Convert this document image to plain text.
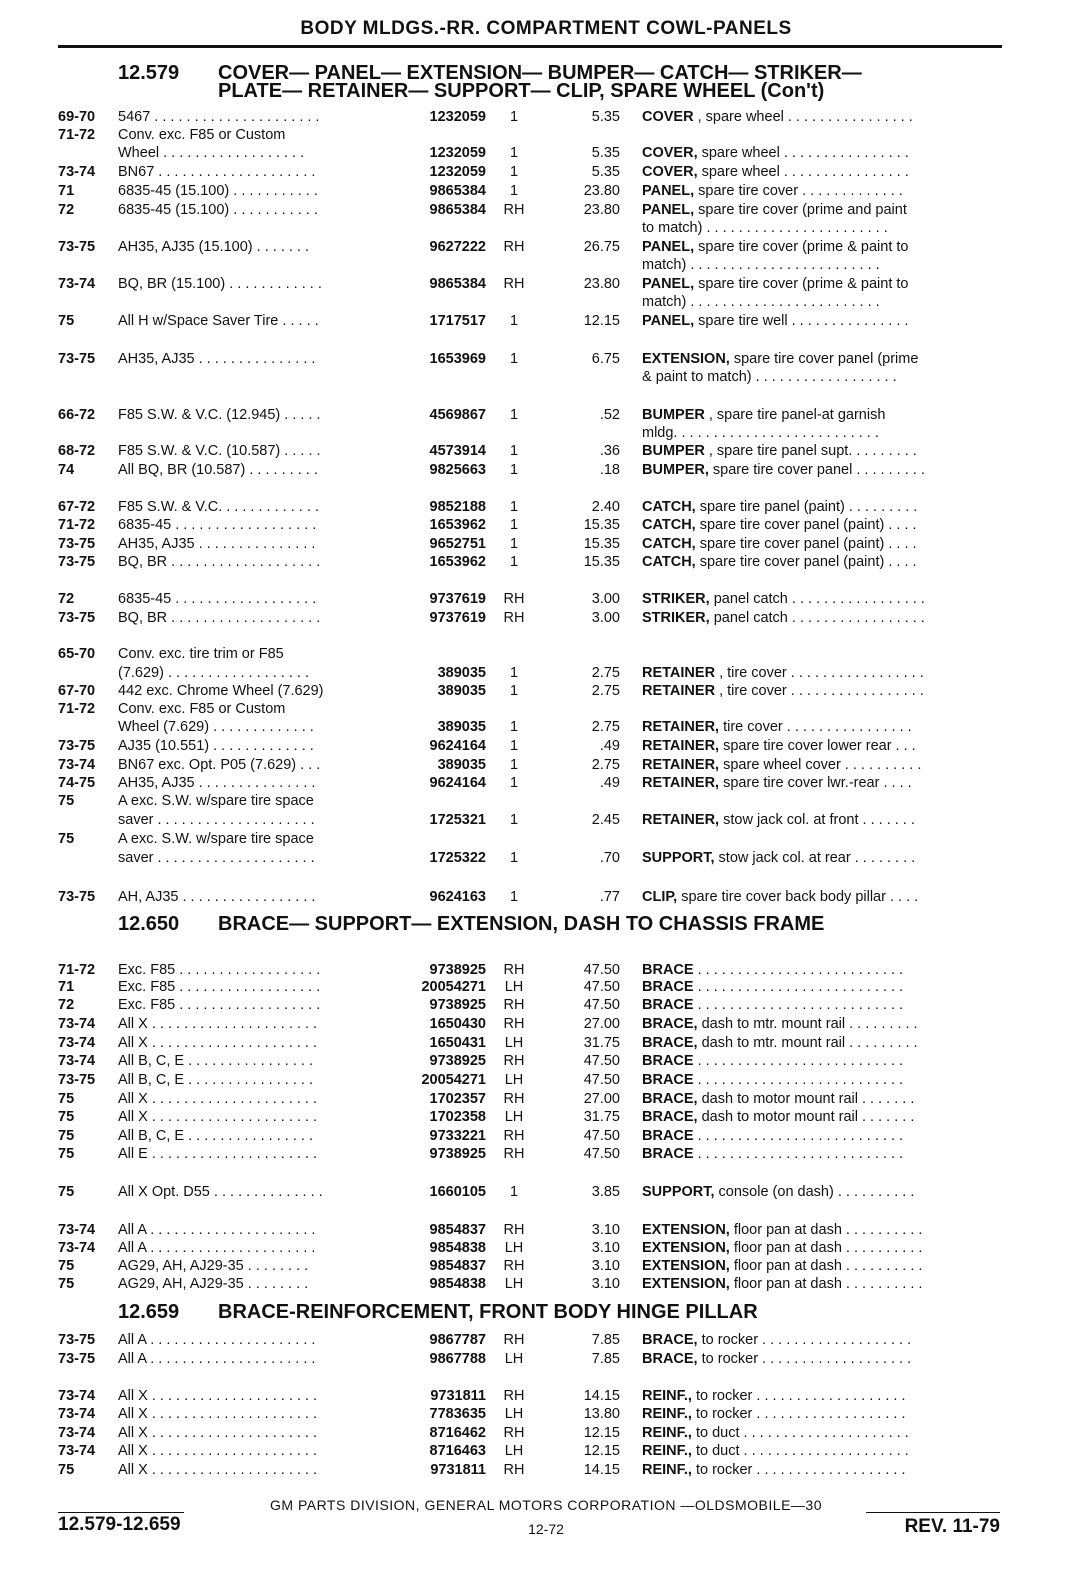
BODY MLDGS.-RR. COMPARTMENT COWL-PANELS
12.579 COVER— PANEL— EXTENSION— BUMPER— CATCH— STRIKER—
PLATE— RETAINER— SUPPORT— CLIP, SPARE WHEEL (Con't)
12.650 BRACE— SUPPORT— EXTENSION, DASH TO CHASSIS FRAME
12.659 BRACE-REINFORCEMENT, FRONT BODY HINGE PILLAR
69-70	5467 . . . . . . . . . . . . . . . . . . . . .	1232059	1	5.35 COVER , spare wheel . . . . . . . . . . . . . . . .
71-72	Conv. exc. F85 or Custom
Wheel . . . . . . . . . . . . . . . . . .	1232059	1	5.35 COVER, spare wheel . . . . . . . . . . . . . . . .
73-74	BN67 . . . . . . . . . . . . . . . . . . . .	1232059	1	5.35 COVER, spare wheel . . . . . . . . . . . . . . . .
71	6835-45 (15.100) . . . . . . . . . . .	9865384	1	23.80 PANEL, spare tire cover . . . . . . . . . . . . .
72	6835-45 (15.100) . . . . . . . . . . .	9865384	RH	23.80 PANEL, spare tire cover (prime and paint
to match) . . . . . . . . . . . . . . . . . . . . . . .
73-75	AH35, AJ35 (15.100) . . . . . . .	9627222	RH	26.75 PANEL, spare tire cover (prime & paint to
match) . . . . . . . . . . . . . . . . . . . . . . . .
73-74	BQ, BR (15.100) . . . . . . . . . . . .	9865384	RH	23.80 PANEL, spare tire cover (prime & paint to
match) . . . . . . . . . . . . . . . . . . . . . . . .
75	All H w/Space Saver Tire . . . . .	1717517	1	12.15 PANEL, spare tire well . . . . . . . . . . . . . . .
73-75	AH35, AJ35 . . . . . . . . . . . . . . .	1653969	1	6.75 EXTENSION, spare tire cover panel (prime
& paint to match) . . . . . . . . . . . . . . . . . .
66-72	F85 S.W. & V.C. (12.945) . . . . .	4569867	1	.52 BUMPER , spare tire panel-at garnish
mldg. . . . . . . . . . . . . . . . . . . . . . . . . .
68-72	F85 S.W. & V.C. (10.587) . . . . .	4573914	1	.36 BUMPER , spare tire panel supt. . . . . . . . .
74	All BQ, BR (10.587) . . . . . . . . .	9825663	1	.18 BUMPER, spare tire cover panel . . . . . . . . .
67-72	F85 S.W. & V.C. . . . . . . . . . . . .	9852188	1	2.40 CATCH, spare tire panel (paint) . . . . . . . . .
71-72	6835-45 . . . . . . . . . . . . . . . . . .	1653962	1	15.35 CATCH, spare tire cover panel (paint) . . . .
73-75	AH35, AJ35 . . . . . . . . . . . . . . .	9652751	1	15.35 CATCH, spare tire cover panel (paint) . . . .
73-75	BQ, BR . . . . . . . . . . . . . . . . . . .	1653962	1	15.35 CATCH, spare tire cover panel (paint) . . . .
72	6835-45 . . . . . . . . . . . . . . . . . .	9737619	RH	3.00 STRIKER, panel catch . . . . . . . . . . . . . . . . .
73-75	BQ, BR . . . . . . . . . . . . . . . . . . .	9737619	RH	3.00 STRIKER, panel catch . . . . . . . . . . . . . . . . .
65-70	Conv. exc. tire trim or F85
(7.629) . . . . . . . . . . . . . . . . . .	389035	1	2.75 RETAINER , tire cover . . . . . . . . . . . . . . . . .
67-70	442 exc. Chrome Wheel (7.629)	389035	1	2.75 RETAINER , tire cover . . . . . . . . . . . . . . . . .
71-72	Conv. exc. F85 or Custom
Wheel (7.629) . . . . . . . . . . . . .	389035	1	2.75 RETAINER, tire cover . . . . . . . . . . . . . . . .
73-75	AJ35 (10.551) . . . . . . . . . . . . .	9624164	1	.49 RETAINER, spare tire cover lower rear . . .
73-74	BN67 exc. Opt. P05 (7.629) . . .	389035	1	2.75 RETAINER, spare wheel cover . . . . . . . . . .
74-75	AH35, AJ35 . . . . . . . . . . . . . . .	9624164	1	.49 RETAINER, spare tire cover lwr.-rear . . . .
75	A exc. S.W. w/spare tire space
saver . . . . . . . . . . . . . . . . . . . .	1725321	1	2.45 RETAINER, stow jack col. at front . . . . . . .
75	A exc. S.W. w/spare tire space
saver . . . . . . . . . . . . . . . . . . . .	1725322	1	.70 SUPPORT, stow jack col. at rear . . . . . . . .
73-75	AH, AJ35 . . . . . . . . . . . . . . . . .	9624163	1	.77 CLIP, spare tire cover back body pillar . . . .
71-72	Exc. F85 . . . . . . . . . . . . . . . . . .	9738925	RH	47.50 BRACE . . . . . . . . . . . . . . . . . . . . . . . . . .
71	Exc. F85 . . . . . . . . . . . . . . . . . .	20054271	LH	47.50 BRACE . . . . . . . . . . . . . . . . . . . . . . . . . .
72	Exc. F85 . . . . . . . . . . . . . . . . . .	9738925	RH	47.50 BRACE . . . . . . . . . . . . . . . . . . . . . . . . . .
73-74	All X . . . . . . . . . . . . . . . . . . . . .	1650430	RH	27.00 BRACE, dash to mtr. mount rail . . . . . . . . .
73-74	All X . . . . . . . . . . . . . . . . . . . . .	1650431	LH	31.75 BRACE, dash to mtr. mount rail . . . . . . . . .
73-74	All B, C, E . . . . . . . . . . . . . . . .	9738925	RH	47.50 BRACE . . . . . . . . . . . . . . . . . . . . . . . . . .
73-75	All B, C, E . . . . . . . . . . . . . . . .	20054271	LH	47.50 BRACE . . . . . . . . . . . . . . . . . . . . . . . . . .
75	All X . . . . . . . . . . . . . . . . . . . . .	1702357	RH	27.00 BRACE, dash to motor mount rail . . . . . . .
75	All X . . . . . . . . . . . . . . . . . . . . .	1702358	LH	31.75 BRACE, dash to motor mount rail . . . . . . .
75	All B, C, E . . . . . . . . . . . . . . . .	9733221	RH	47.50 BRACE . . . . . . . . . . . . . . . . . . . . . . . . . .
75	All E . . . . . . . . . . . . . . . . . . . . .	9738925	RH	47.50 BRACE . . . . . . . . . . . . . . . . . . . . . . . . . .
75	All X Opt. D55 . . . . . . . . . . . . . .	1660105	1	3.85 SUPPORT, console (on dash) . . . . . . . . . .
73-74	All A . . . . . . . . . . . . . . . . . . . . .	9854837	RH	3.10 EXTENSION, floor pan at dash . . . . . . . . . .
73-74	All A . . . . . . . . . . . . . . . . . . . . .	9854838	LH	3.10 EXTENSION, floor pan at dash . . . . . . . . . .
75	AG29, AH, AJ29-35 . . . . . . . .	9854837	RH	3.10 EXTENSION, floor pan at dash . . . . . . . . . .
75	AG29, AH, AJ29-35 . . . . . . . .	9854838	LH	3.10 EXTENSION, floor pan at dash . . . . . . . . . .
73-75	All A . . . . . . . . . . . . . . . . . . . . .	9867787	RH	7.85 BRACE, to rocker . . . . . . . . . . . . . . . . . . .
73-75	All A . . . . . . . . . . . . . . . . . . . . .	9867788	LH	7.85 BRACE, to rocker . . . . . . . . . . . . . . . . . . .
73-74	All X . . . . . . . . . . . . . . . . . . . . .	9731811	RH	14.15 REINF., to rocker . . . . . . . . . . . . . . . . . . .
73-74	All X . . . . . . . . . . . . . . . . . . . . .	7783635	LH	13.80 REINF., to rocker . . . . . . . . . . . . . . . . . . .
73-74	All X . . . . . . . . . . . . . . . . . . . . .	8716462	RH	12.15 REINF., to duct . . . . . . . . . . . . . . . . . . . . .
73-74	All X . . . . . . . . . . . . . . . . . . . . .	8716463	LH	12.15 REINF., to duct . . . . . . . . . . . . . . . . . . . . .
75	All X . . . . . . . . . . . . . . . . . . . . .	9731811	RH	14.15 REINF., to rocker . . . . . . . . . . . . . . . . . . .
GM PARTS DIVISION, GENERAL MOTORS CORPORATION —OLDSMOBILE—30
12.579-12.659	12-72	REV. 11-79
